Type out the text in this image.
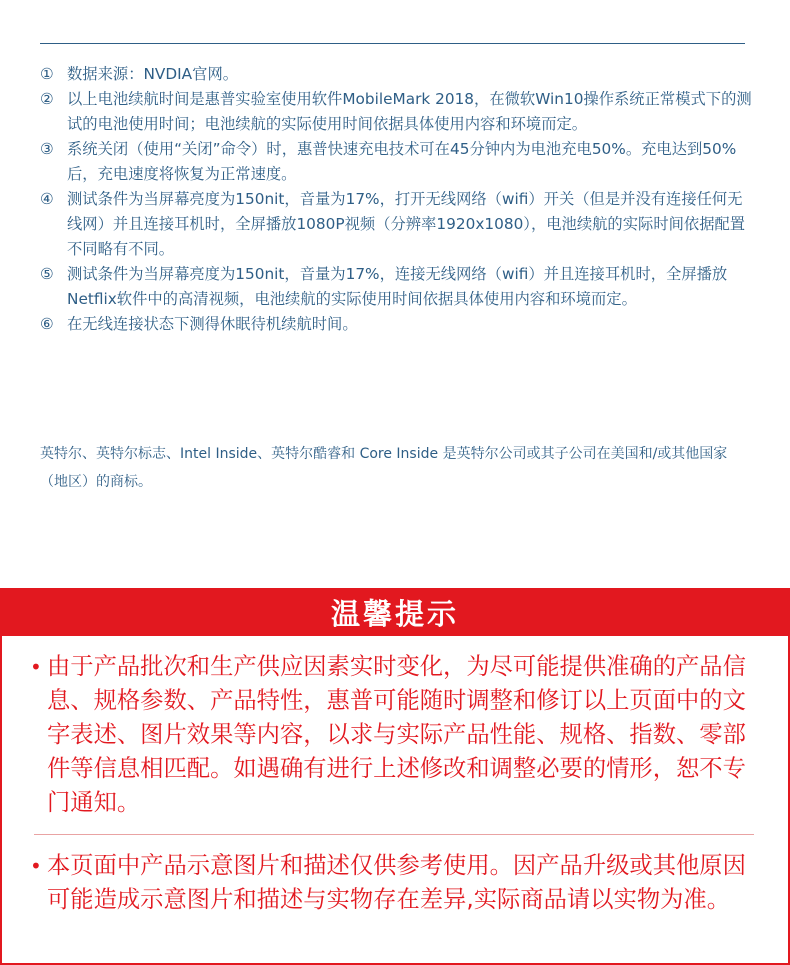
① 数据来源：NVDIA官网。
② 以上电池续航时间是惠普实验室使用软件MobileMark 2018，在微软Win10操作系统正常模式下的测试的电池使用时间；电池续航的实际使用时间依据具体使用内容和环境而定。
③ 系统关闭（使用“关闭”命令）时，惠普快速充电技术可在45分钟内为电池充电50%。充电达到50%后，充电速度将恢复为正常速度。
④ 测试条件为当屏幕亮度为150nit，音量为17%，打开无线网络（wifi）开关（但是并没有连接任何无线网）并且连接耳机时，全屏播放1080P视频（分辨率1920x1080），电池续航的实际时间依据配置不同略有不同。
⑤ 测试条件为当屏幕亮度为150nit，音量为17%，连接无线网络（wifi）并且连接耳机时，全屏播放Netflix软件中的高清视频，电池续航的实际使用时间依据具体使用内容和环境而定。
⑥ 在无线连接状态下测得休眠待机续航时间。
英特尔、英特尔标志、Intel Inside、英特尔酷睿和 Core Inside 是英特尔公司或其子公司在美国和/或其他国家（地区）的商标。
温馨提示
• 由于产品批次和生产供应因素实时变化，为尽可能提供准确的产品信息、规格参数、产品特性，惠普可能随时调整和修订以上页面中的文字表述、图片效果等内容，以求与实际产品性能、规格、指数、零部件等信息相匹配。如遇确有进行上述修改和调整必要的情形，恕不专门通知。
• 本页面中产品示意图片和描述仅供参考使用。因产品升级或其他原因可能造成示意图片和描述与实物存在差异,实际商品请以实物为准。
